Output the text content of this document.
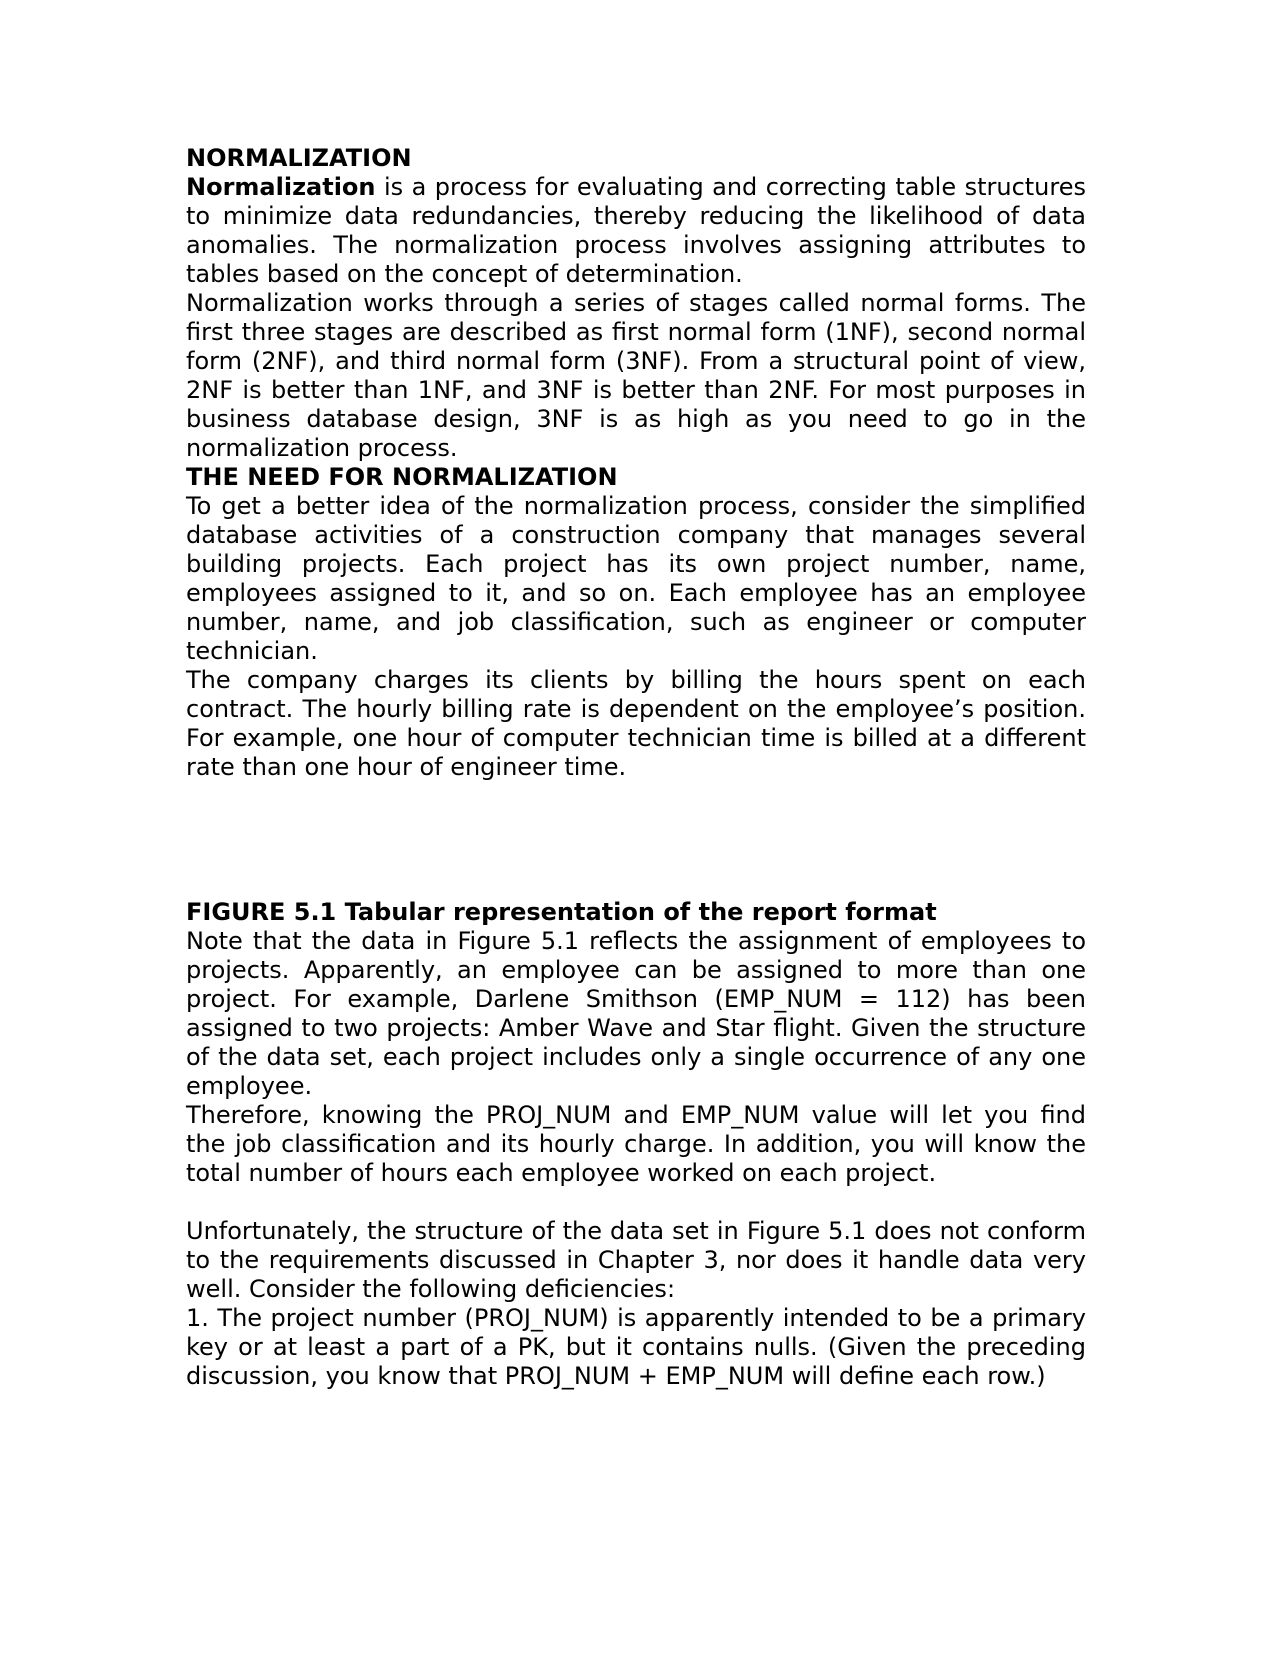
NORMALIZATION

Normalization is a process for evaluating and correcting table structures to minimize data redundancies, thereby reducing the likelihood of data anomalies. The normalization process involves assigning attributes to tables based on the concept of determination.

Normalization works through a series of stages called normal forms. The first three stages are described as first normal form (1NF), second normal form (2NF), and third normal form (3NF). From a structural point of view, 2NF is better than 1NF, and 3NF is better than 2NF. For most purposes in business database design, 3NF is as high as you need to go in the normalization process.

THE NEED FOR NORMALIZATION

To get a better idea of the normalization process, consider the simplified database activities of a construction company that manages several building projects. Each project has its own project number, name, employees assigned to it, and so on. Each employee has an employee number, name, and job classification, such as engineer or computer technician.

The company charges its clients by billing the hours spent on each contract. The hourly billing rate is dependent on the employee’s position. For example, one hour of computer technician time is billed at a different rate than one hour of engineer time.

FIGURE 5.1 Tabular representation of the report format

Note that the data in Figure 5.1 reflects the assignment of employees to projects. Apparently, an employee can be assigned to more than one project. For example, Darlene Smithson (EMP_NUM = 112) has been assigned to two projects: Amber Wave and Star flight. Given the structure of the data set, each project includes only a single occurrence of any one employee.

Therefore, knowing the PROJ_NUM and EMP_NUM value will let you find the job classification and its hourly charge. In addition, you will know the total number of hours each employee worked on each project.

Unfortunately, the structure of the data set in Figure 5.1 does not conform to the requirements discussed in Chapter 3, nor does it handle data very well. Consider the following deficiencies:

1. The project number (PROJ_NUM) is apparently intended to be a primary key or at least a part of a PK, but it contains nulls. (Given the preceding discussion, you know that PROJ_NUM + EMP_NUM will define each row.)
